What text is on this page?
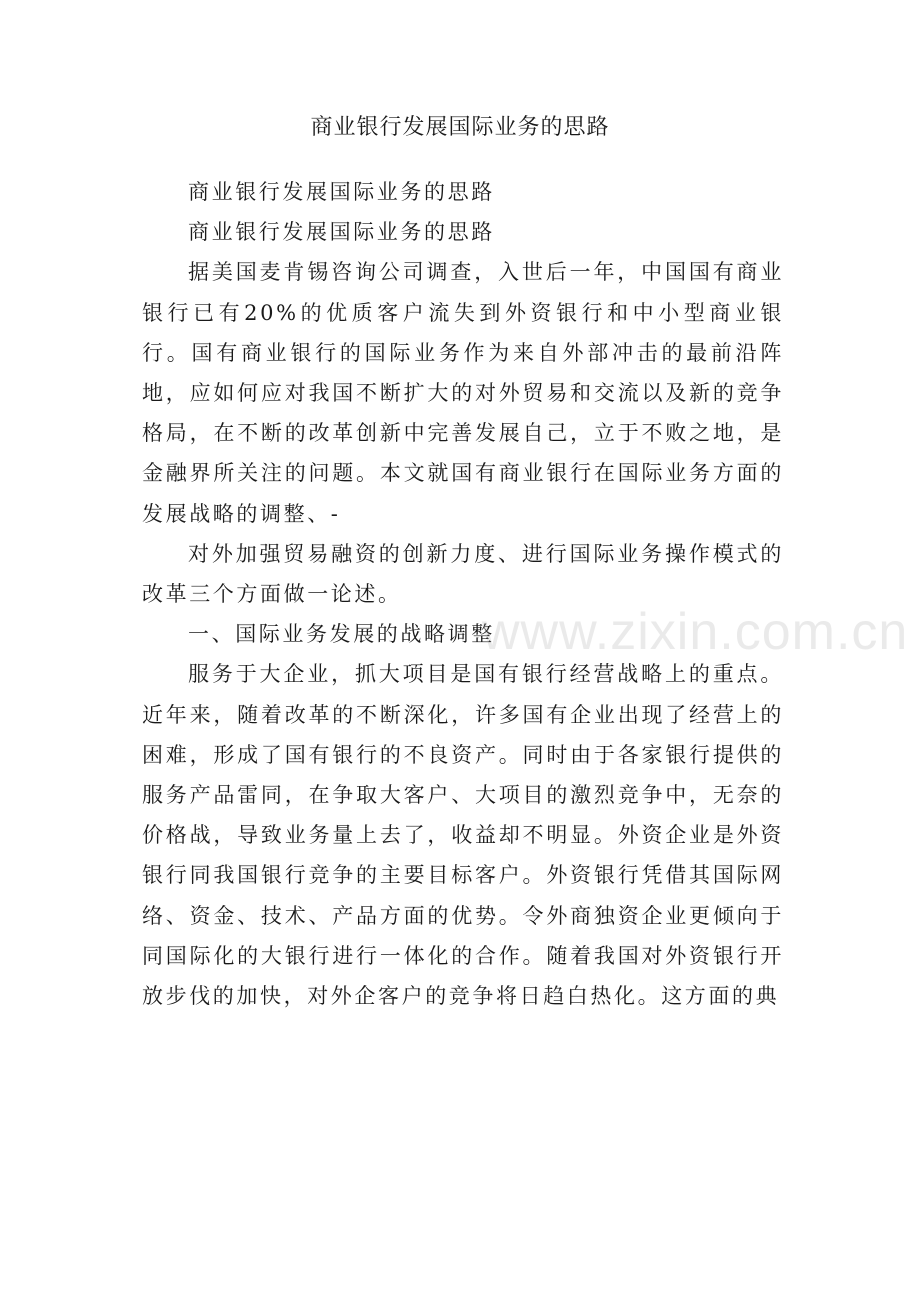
商业银行发展国际业务的思路

商业银行发展国际业务的思路

商业银行发展国际业务的思路

据美国麦肯锡咨询公司调查，入世后一年，中国国有商业银行已有20%的优质客户流失到外资银行和中小型商业银行。国有商业银行的国际业务作为来自外部冲击的最前沿阵地，应如何应对我国不断扩大的对外贸易和交流以及新的竞争格局，在不断的改革创新中完善发展自己，立于不败之地，是金融界所关注的问题。本文就国有商业银行在国际业务方面的发展战略的调整、-

对外加强贸易融资的创新力度、进行国际业务操作模式的改革三个方面做一论述。

一、国际业务发展的战略调整

服务于大企业，抓大项目是国有银行经营战略上的重点。近年来，随着改革的不断深化，许多国有企业出现了经营上的困难，形成了国有银行的不良资产。同时由于各家银行提供的服务产品雷同，在争取大客户、大项目的激烈竞争中，无奈的价格战，导致业务量上去了，收益却不明显。外资企业是外资银行同我国银行竞争的主要目标客户。外资银行凭借其国际网络、资金、技术、产品方面的优势。令外商独资企业更倾向于同国际化的大银行进行一体化的合作。随着我国对外资银行开放步伐的加快，对外企客户的竞争将日趋白热化。这方面的典

www.zixin.com.cn
